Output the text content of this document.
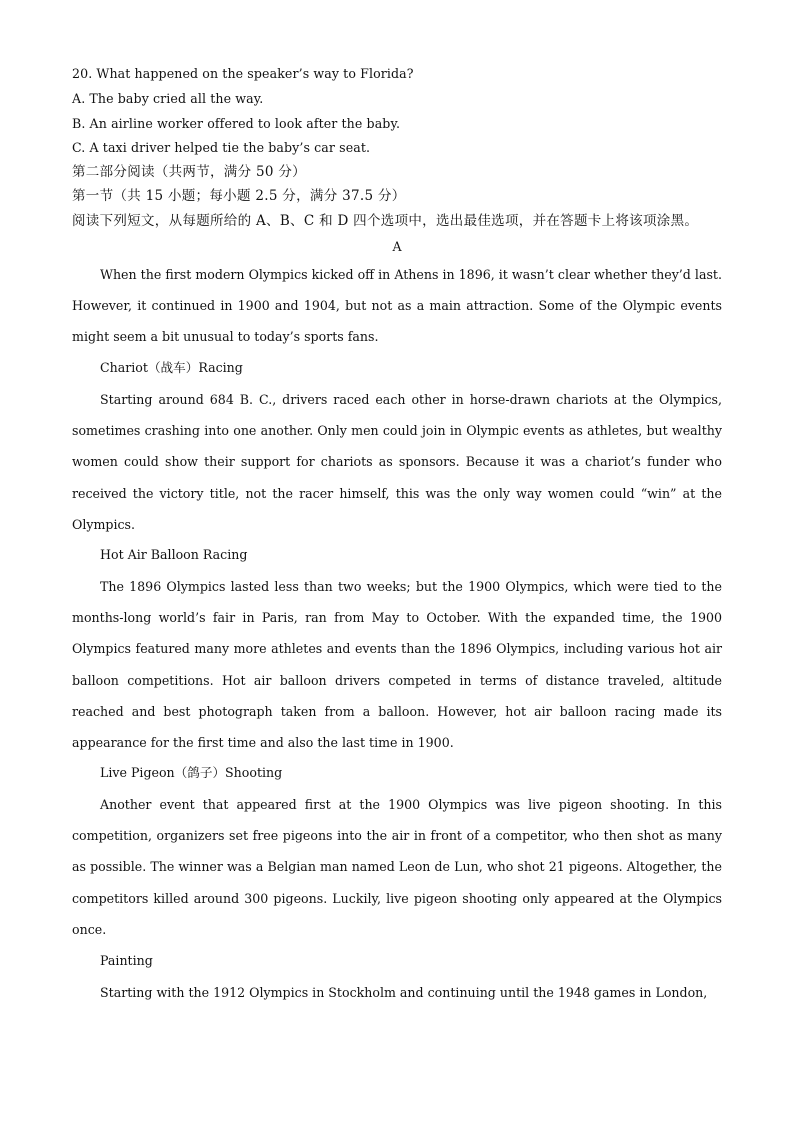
20. What happened on the speaker’s way to Florida?
A. The baby cried all the way.
B. An airline worker offered to look after the baby.
C. A taxi driver helped tie the baby’s car seat.
第二部分阅读（共两节，满分 50 分）
第一节（共 15 小题；每小题 2.5 分，满分 37.5 分）
阅读下列短文，从每题所给的 A、B、C 和 D 四个选项中，选出最佳选项，并在答题卡上将该项涂黑。
A
When the first modern Olympics kicked off in Athens in 1896, it wasn’t clear whether they’d last. However, it continued in 1900 and 1904, but not as a main attraction. Some of the Olympic events might seem a bit unusual to today’s sports fans.
Chariot（战车）Racing
Starting around 684 B. C., drivers raced each other in horse-drawn chariots at the Olympics, sometimes crashing into one another. Only men could join in Olympic events as athletes, but wealthy women could show their support for chariots as sponsors. Because it was a chariot’s funder who received the victory title, not the racer himself, this was the only way women could “win” at the Olympics.
Hot Air Balloon Racing
The 1896 Olympics lasted less than two weeks; but the 1900 Olympics, which were tied to the months-long world’s fair in Paris, ran from May to October. With the expanded time, the 1900 Olympics featured many more athletes and events than the 1896 Olympics, including various hot air balloon competitions. Hot air balloon drivers competed in terms of distance traveled, altitude reached and best photograph taken from a balloon. However, hot air balloon racing made its appearance for the first time and also the last time in 1900.
Live Pigeon（鸽子）Shooting
Another event that appeared first at the 1900 Olympics was live pigeon shooting. In this competition, organizers set free pigeons into the air in front of a competitor, who then shot as many as possible. The winner was a Belgian man named Leon de Lun, who shot 21 pigeons. Altogether, the competitors killed around 300 pigeons. Luckily, live pigeon shooting only appeared at the Olympics once.
Painting
Starting with the 1912 Olympics in Stockholm and continuing until the 1948 games in London,
